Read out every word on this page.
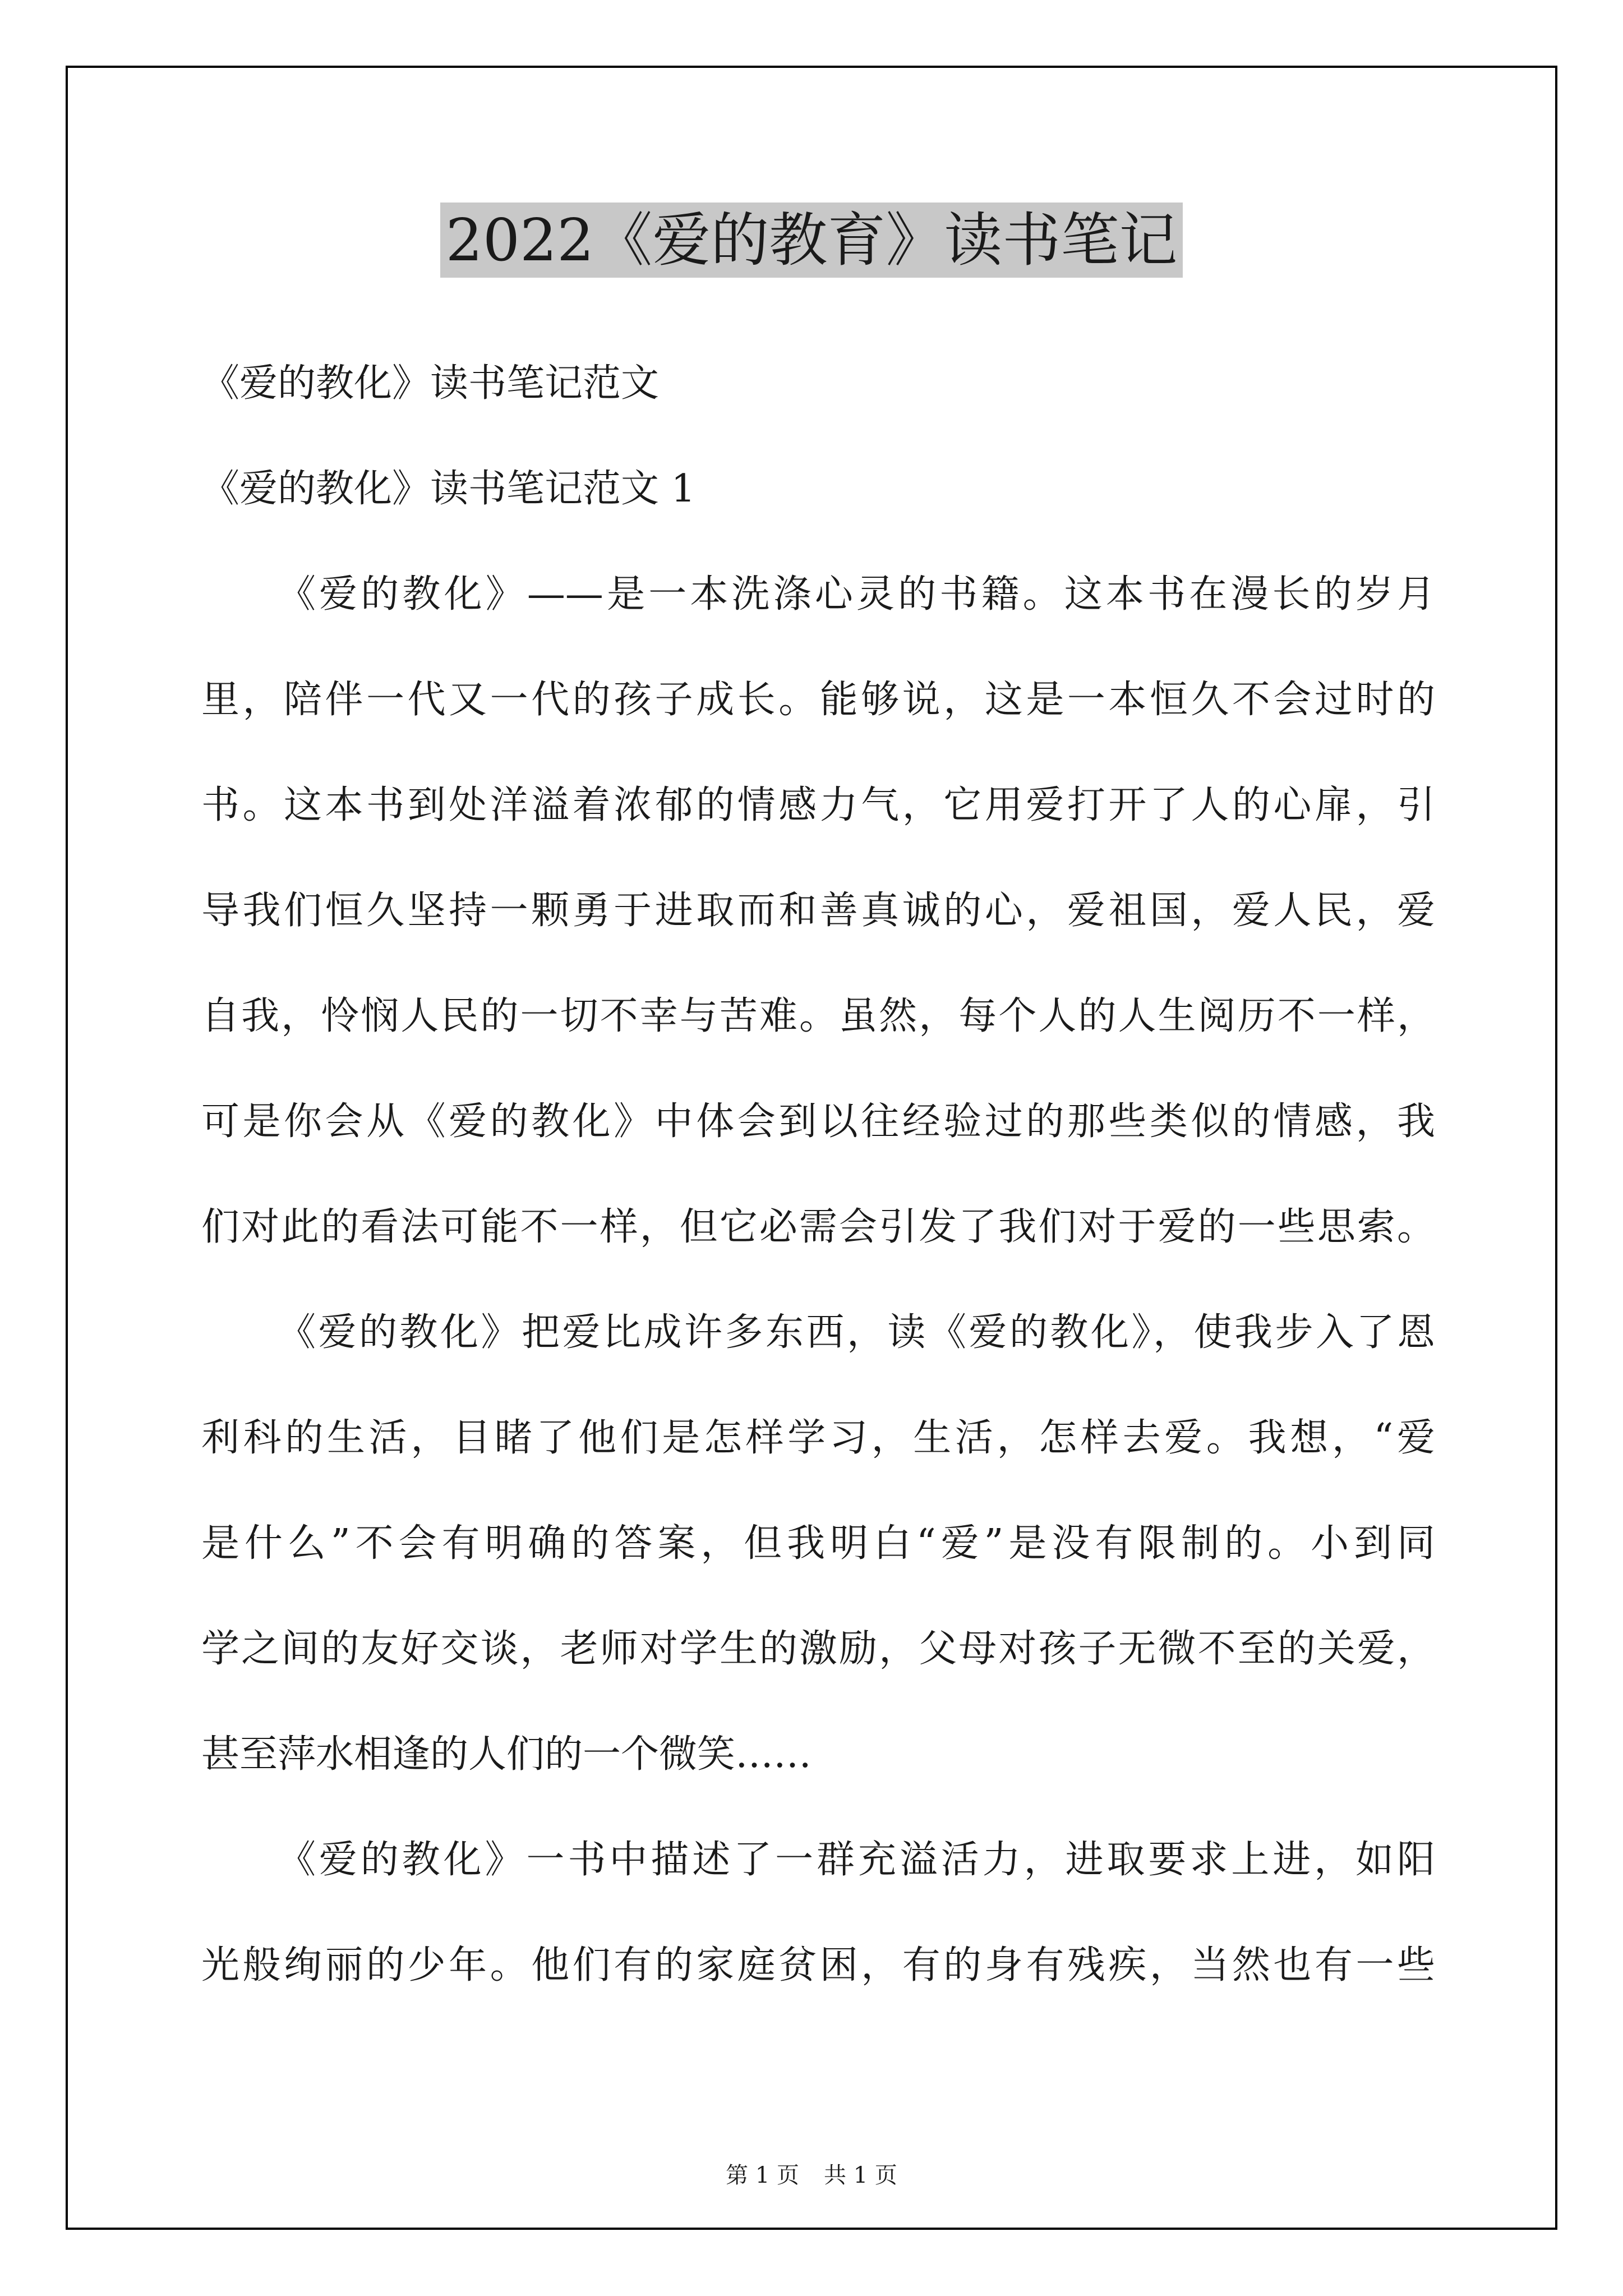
2022《爱的教育》读书笔记
《爱的教化》读书笔记范文
《爱的教化》读书笔记范文 1
《爱的教化》——是一本洗涤心灵的书籍。这本书在漫长的岁月
里，陪伴一代又一代的孩子成长。能够说，这是一本恒久不会过时的
书。这本书到处洋溢着浓郁的情感力气，它用爱打开了人的心扉，引
导我们恒久坚持一颗勇于进取而和善真诚的心，爱祖国，爱人民，爱
自我，怜悯人民的一切不幸与苦难。虽然，每个人的人生阅历不一样，
可是你会从《爱的教化》中体会到以往经验过的那些类似的情感，我
们对此的看法可能不一样，但它必需会引发了我们对于爱的一些思索。
《爱的教化》把爱比成许多东西，读《爱的教化》，使我步入了恩
利科的生活，目睹了他们是怎样学习，生活，怎样去爱。我想，“爱
是什么”不会有明确的答案，但我明白“爱”是没有限制的。小到同
学之间的友好交谈，老师对学生的激励，父母对孩子无微不至的关爱，
甚至萍水相逢的人们的一个微笑……
《爱的教化》一书中描述了一群充溢活力，进取要求上进，如阳
光般绚丽的少年。他们有的家庭贫困，有的身有残疾，当然也有一些
第 1 页 共 1 页
